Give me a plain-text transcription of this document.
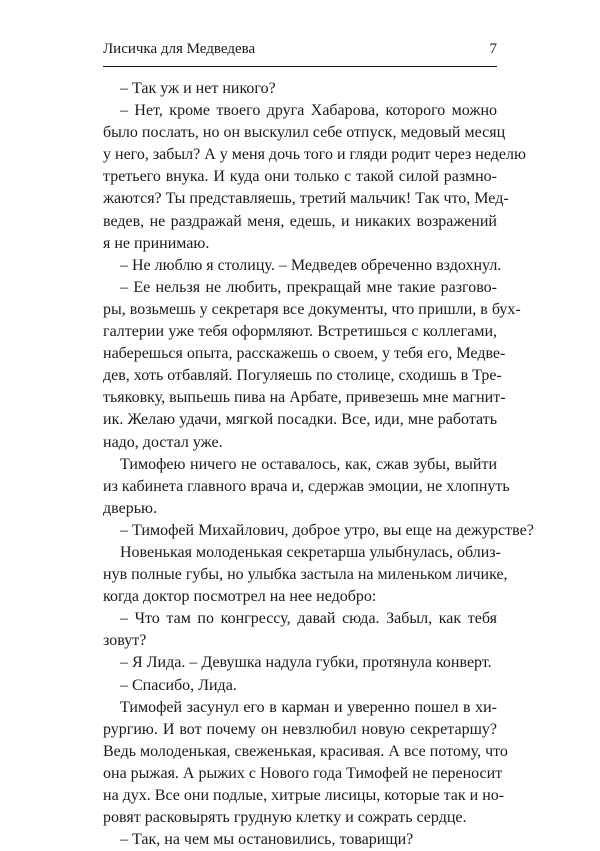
Лисичка для Медведева	7
– Так уж и нет никого?
– Нет, кроме твоего друга Хабарова, которого можно
было послать, но он выскулил себе отпуск, медовый месяц
у него, забыл? А у меня дочь того и гляди родит через неделю
третьего внука. И куда они только с такой силой размно-
жаются? Ты представляешь, третий мальчик! Так что, Мед-
ведев, не раздражай меня, едешь, и никаких возражений
я не принимаю.
– Не люблю я столицу. – Медведев обреченно вздохнул.
– Ее нельзя не любить, прекращай мне такие разгово-
ры, возьмешь у секретаря все документы, что пришли, в бух-
галтерии уже тебя оформляют. Встретишься с коллегами,
наберешься опыта, расскажешь о своем, у тебя его, Медве-
дев, хоть отбавляй. Погуляешь по столице, сходишь в Тре-
тьяковку, выпьешь пива на Арбате, привезешь мне магнит-
ик. Желаю удачи, мягкой посадки. Все, иди, мне работать
надо, достал уже.
Тимофею ничего не оставалось, как, сжав зубы, выйти
из кабинета главного врача и, сдержав эмоции, не хлопнуть
дверью.
– Тимофей Михайлович, доброе утро, вы еще на дежурстве?
Новенькая молоденькая секретарша улыбнулась, облиз-
нув полные губы, но улыбка застыла на миленьком личике,
когда доктор посмотрел на нее недобро:
– Что там по конгрессу, давай сюда. Забыл, как тебя
зовут?
– Я Лида. – Девушка надула губки, протянула конверт.
– Спасибо, Лида.
Тимофей засунул его в карман и уверенно пошел в хи-
рургию. И вот почему он невзлюбил новую секретаршу?
Ведь молоденькая, свеженькая, красивая. А все потому, что
она рыжая. А рыжих с Нового года Тимофей не переносит
на дух. Все они подлые, хитрые лисицы, которые так и но-
ровят расковырять грудную клетку и сожрать сердце.
– Так, на чем мы остановились, товарищи?
